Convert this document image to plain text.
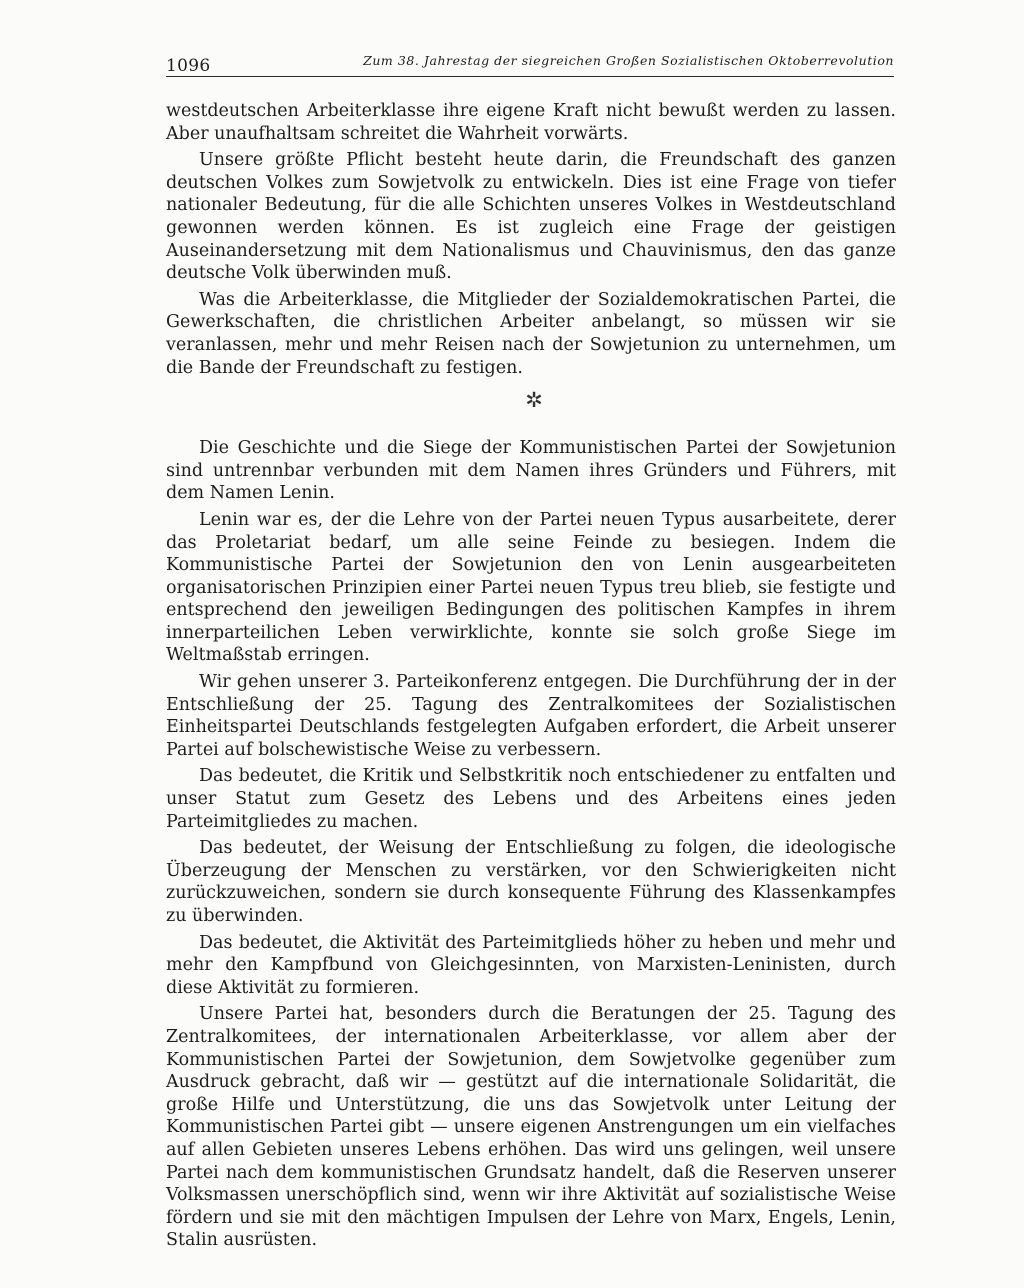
1096	Zum 38. Jahrestag der siegreichen Großen Sozialistischen Oktoberrevolution

westdeutschen Arbeiterklasse ihre eigene Kraft nicht bewußt werden zu lassen. Aber unaufhaltsam schreitet die Wahrheit vorwärts.

Unsere größte Pflicht besteht heute darin, die Freundschaft des ganzen deutschen Volkes zum Sowjetvolk zu entwickeln. Dies ist eine Frage von tiefer nationaler Bedeutung, für die alle Schichten unseres Volkes in Westdeutschland gewonnen werden können. Es ist zugleich eine Frage der geistigen Auseinandersetzung mit dem Nationalismus und Chauvinismus, den das ganze deutsche Volk überwinden muß.

Was die Arbeiterklasse, die Mitglieder der Sozialdemokratischen Partei, die Gewerkschaften, die christlichen Arbeiter anbelangt, so müssen wir sie veranlassen, mehr und mehr Reisen nach der Sowjetunion zu unternehmen, um die Bande der Freundschaft zu festigen.

✲

Die Geschichte und die Siege der Kommunistischen Partei der Sowjetunion sind untrennbar verbunden mit dem Namen ihres Gründers und Führers, mit dem Namen Lenin.

Lenin war es, der die Lehre von der Partei neuen Typus ausarbeitete, derer das Proletariat bedarf, um alle seine Feinde zu besiegen. Indem die Kommunistische Partei der Sowjetunion den von Lenin ausgearbeiteten organisatorischen Prinzipien einer Partei neuen Typus treu blieb, sie festigte und entsprechend den jeweiligen Bedingungen des politischen Kampfes in ihrem innerparteilichen Leben verwirklichte, konnte sie solch große Siege im Weltmaßstab erringen.

Wir gehen unserer 3. Parteikonferenz entgegen. Die Durchführung der in der Entschließung der 25. Tagung des Zentralkomitees der Sozialistischen Einheitspartei Deutschlands festgelegten Aufgaben erfordert, die Arbeit unserer Partei auf bolschewistische Weise zu verbessern.

Das bedeutet, die Kritik und Selbstkritik noch entschiedener zu entfalten und unser Statut zum Gesetz des Lebens und des Arbeitens eines jeden Parteimitgliedes zu machen.

Das bedeutet, der Weisung der Entschließung zu folgen, die ideologische Überzeugung der Menschen zu verstärken, vor den Schwierigkeiten nicht zurückzuweichen, sondern sie durch konsequente Führung des Klassenkampfes zu überwinden.

Das bedeutet, die Aktivität des Parteimitglieds höher zu heben und mehr und mehr den Kampfbund von Gleichgesinnten, von Marxisten-Leninisten, durch diese Aktivität zu formieren.

Unsere Partei hat, besonders durch die Beratungen der 25. Tagung des Zentralkomitees, der internationalen Arbeiterklasse, vor allem aber der Kommunistischen Partei der Sowjetunion, dem Sowjetvolke gegenüber zum Ausdruck gebracht, daß wir — gestützt auf die internationale Solidarität, die große Hilfe und Unterstützung, die uns das Sowjetvolk unter Leitung der Kommunistischen Partei gibt — unsere eigenen Anstrengungen um ein vielfaches auf allen Gebieten unseres Lebens erhöhen. Das wird uns gelingen, weil unsere Partei nach dem kommunistischen Grundsatz handelt, daß die Reserven unserer Volksmassen unerschöpflich sind, wenn wir ihre Aktivität auf sozialistische Weise fördern und sie mit den mächtigen Impulsen der Lehre von Marx, Engels, Lenin, Stalin ausrüsten.
